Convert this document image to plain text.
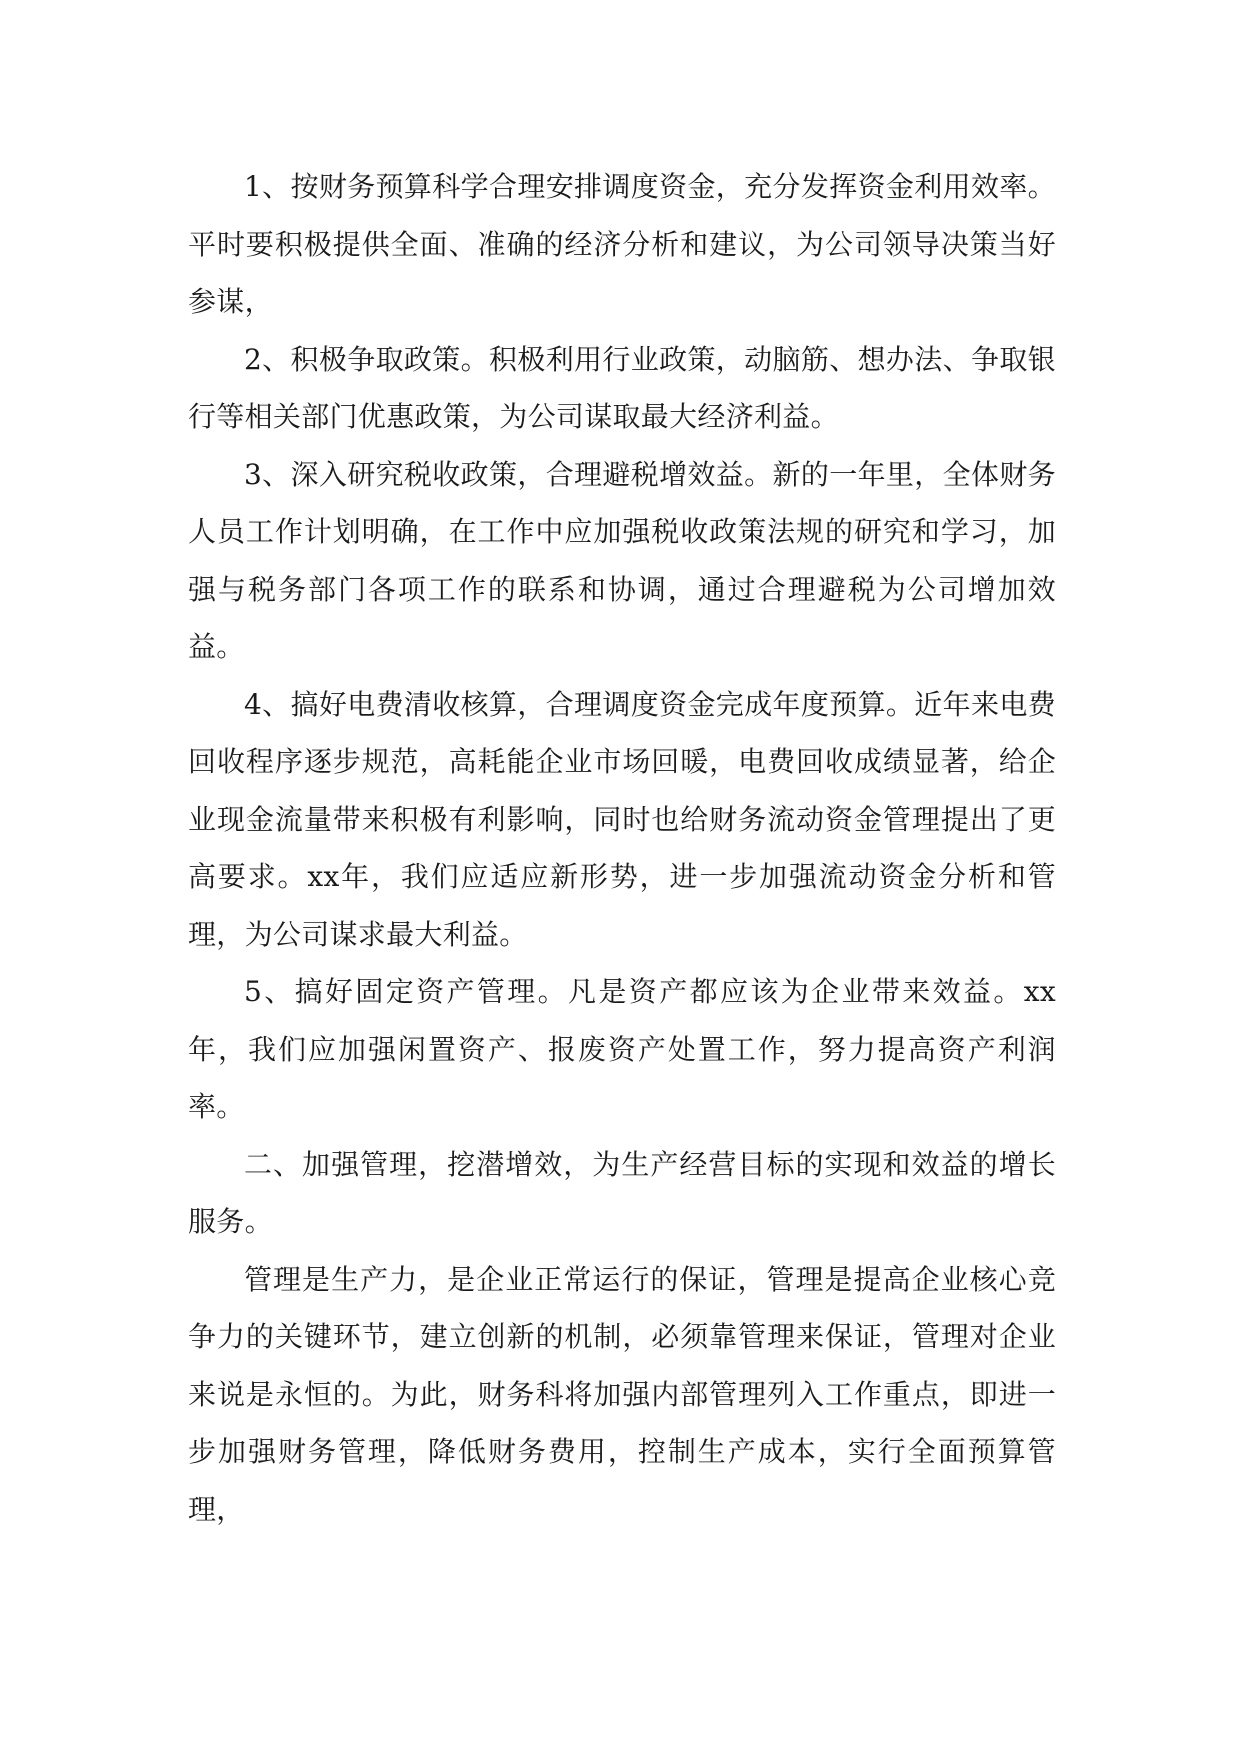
1、按财务预算科学合理安排调度资金，充分发挥资金利用效率。平时要积极提供全面、准确的经济分析和建议，为公司领导决策当好参谋，

2、积极争取政策。积极利用行业政策，动脑筋、想办法、争取银行等相关部门优惠政策，为公司谋取最大经济利益。

3、深入研究税收政策，合理避税增效益。新的一年里，全体财务人员工作计划明确，在工作中应加强税收政策法规的研究和学习，加强与税务部门各项工作的联系和协调，通过合理避税为公司增加效益。

4、搞好电费清收核算，合理调度资金完成年度预算。近年来电费回收程序逐步规范，高耗能企业市场回暖，电费回收成绩显著，给企业现金流量带来积极有利影响，同时也给财务流动资金管理提出了更高要求。xx年，我们应适应新形势，进一步加强流动资金分析和管理，为公司谋求最大利益。

5、搞好固定资产管理。凡是资产都应该为企业带来效益。xx年，我们应加强闲置资产、报废资产处置工作，努力提高资产利润率。

二、加强管理，挖潜增效，为生产经营目标的实现和效益的增长服务。

管理是生产力，是企业正常运行的保证，管理是提高企业核心竞争力的关键环节，建立创新的机制，必须靠管理来保证，管理对企业来说是永恒的。为此，财务科将加强内部管理列入工作重点，即进一步加强财务管理，降低财务费用，控制生产成本，实行全面预算管理，
